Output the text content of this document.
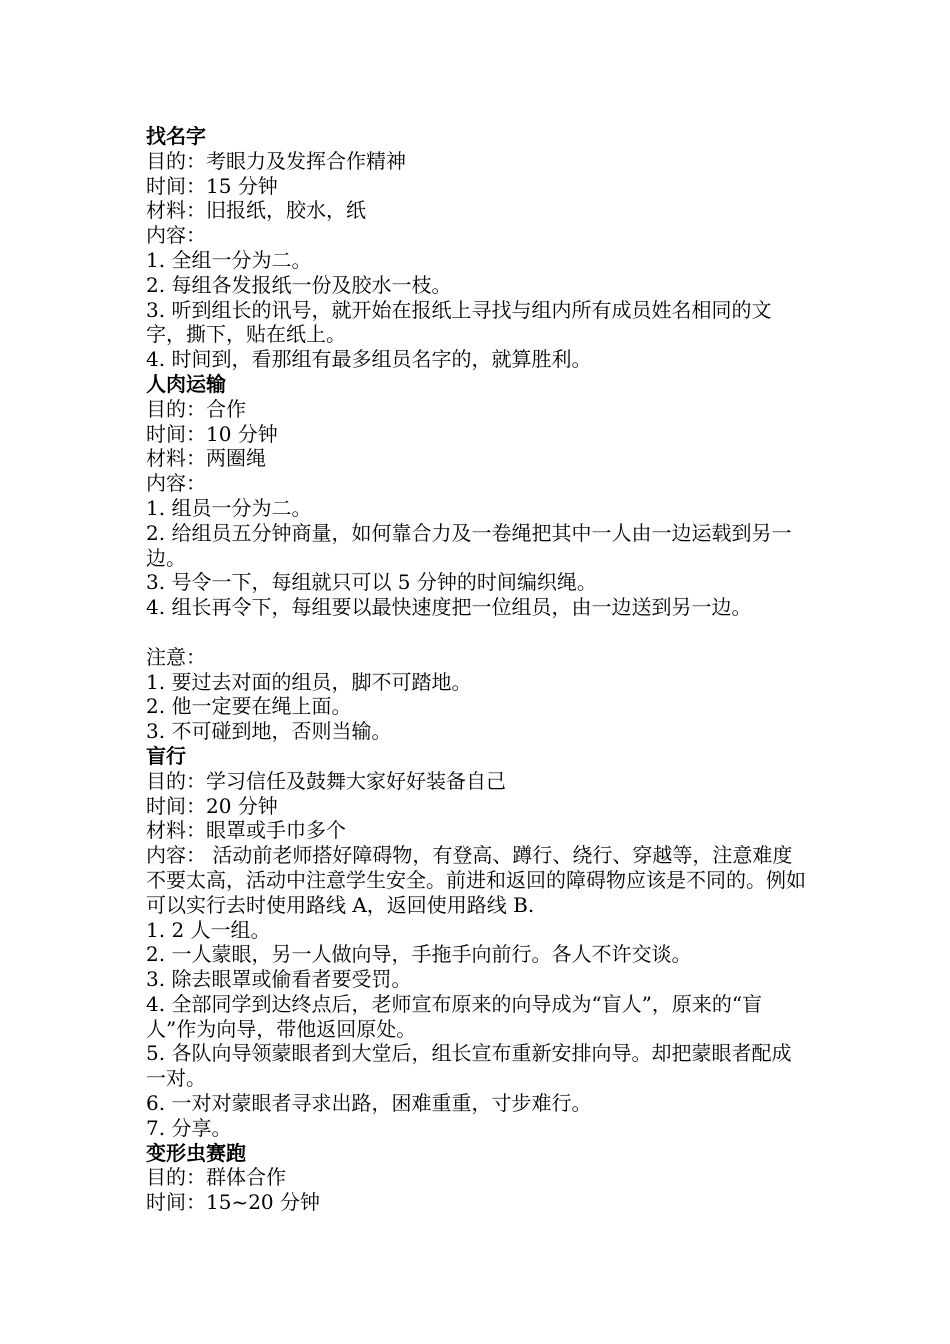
找名字

目的：考眼力及发挥合作精神

时间：15 分钟

材料：旧报纸，胶水，纸

内容：

1. 全组一分为二。

2. 每组各发报纸一份及胶水一枝。

3. 听到组长的讯号，就开始在报纸上寻找与组内所有成员姓名相同的文字，撕下，贴在纸上。

4. 时间到，看那组有最多组员名字的，就算胜利。

人肉运输

目的：合作

时间：10 分钟

材料：两圈绳

内容：

1. 组员一分为二。

2. 给组员五分钟商量，如何靠合力及一卷绳把其中一人由一边运载到另一边。

3. 号令一下，每组就只可以 5 分钟的时间编织绳。

4. 组长再令下，每组要以最快速度把一位组员，由一边送到另一边。

注意：

1. 要过去对面的组员，脚不可踏地。

2. 他一定要在绳上面。

3. 不可碰到地，否则当输。

盲行

目的：学习信任及鼓舞大家好好装备自己

时间：20 分钟

材料：眼罩或手巾多个

内容： 活动前老师搭好障碍物，有登高、蹲行、绕行、穿越等，注意难度不要太高，活动中注意学生安全。前进和返回的障碍物应该是不同的。例如可以实行去时使用路线 A，返回使用路线 B.

1. 2 人一组。

2. 一人蒙眼，另一人做向导，手拖手向前行。各人不许交谈。

3. 除去眼罩或偷看者要受罚。

4. 全部同学到达终点后，老师宣布原来的向导成为“盲人”，原来的“盲人”作为向导，带他返回原处。

5. 各队向导领蒙眼者到大堂后，组长宣布重新安排向导。却把蒙眼者配成一对。

6. 一对对蒙眼者寻求出路，困难重重，寸步难行。

7. 分享。

变形虫赛跑

目的：群体合作

时间：15~20 分钟
